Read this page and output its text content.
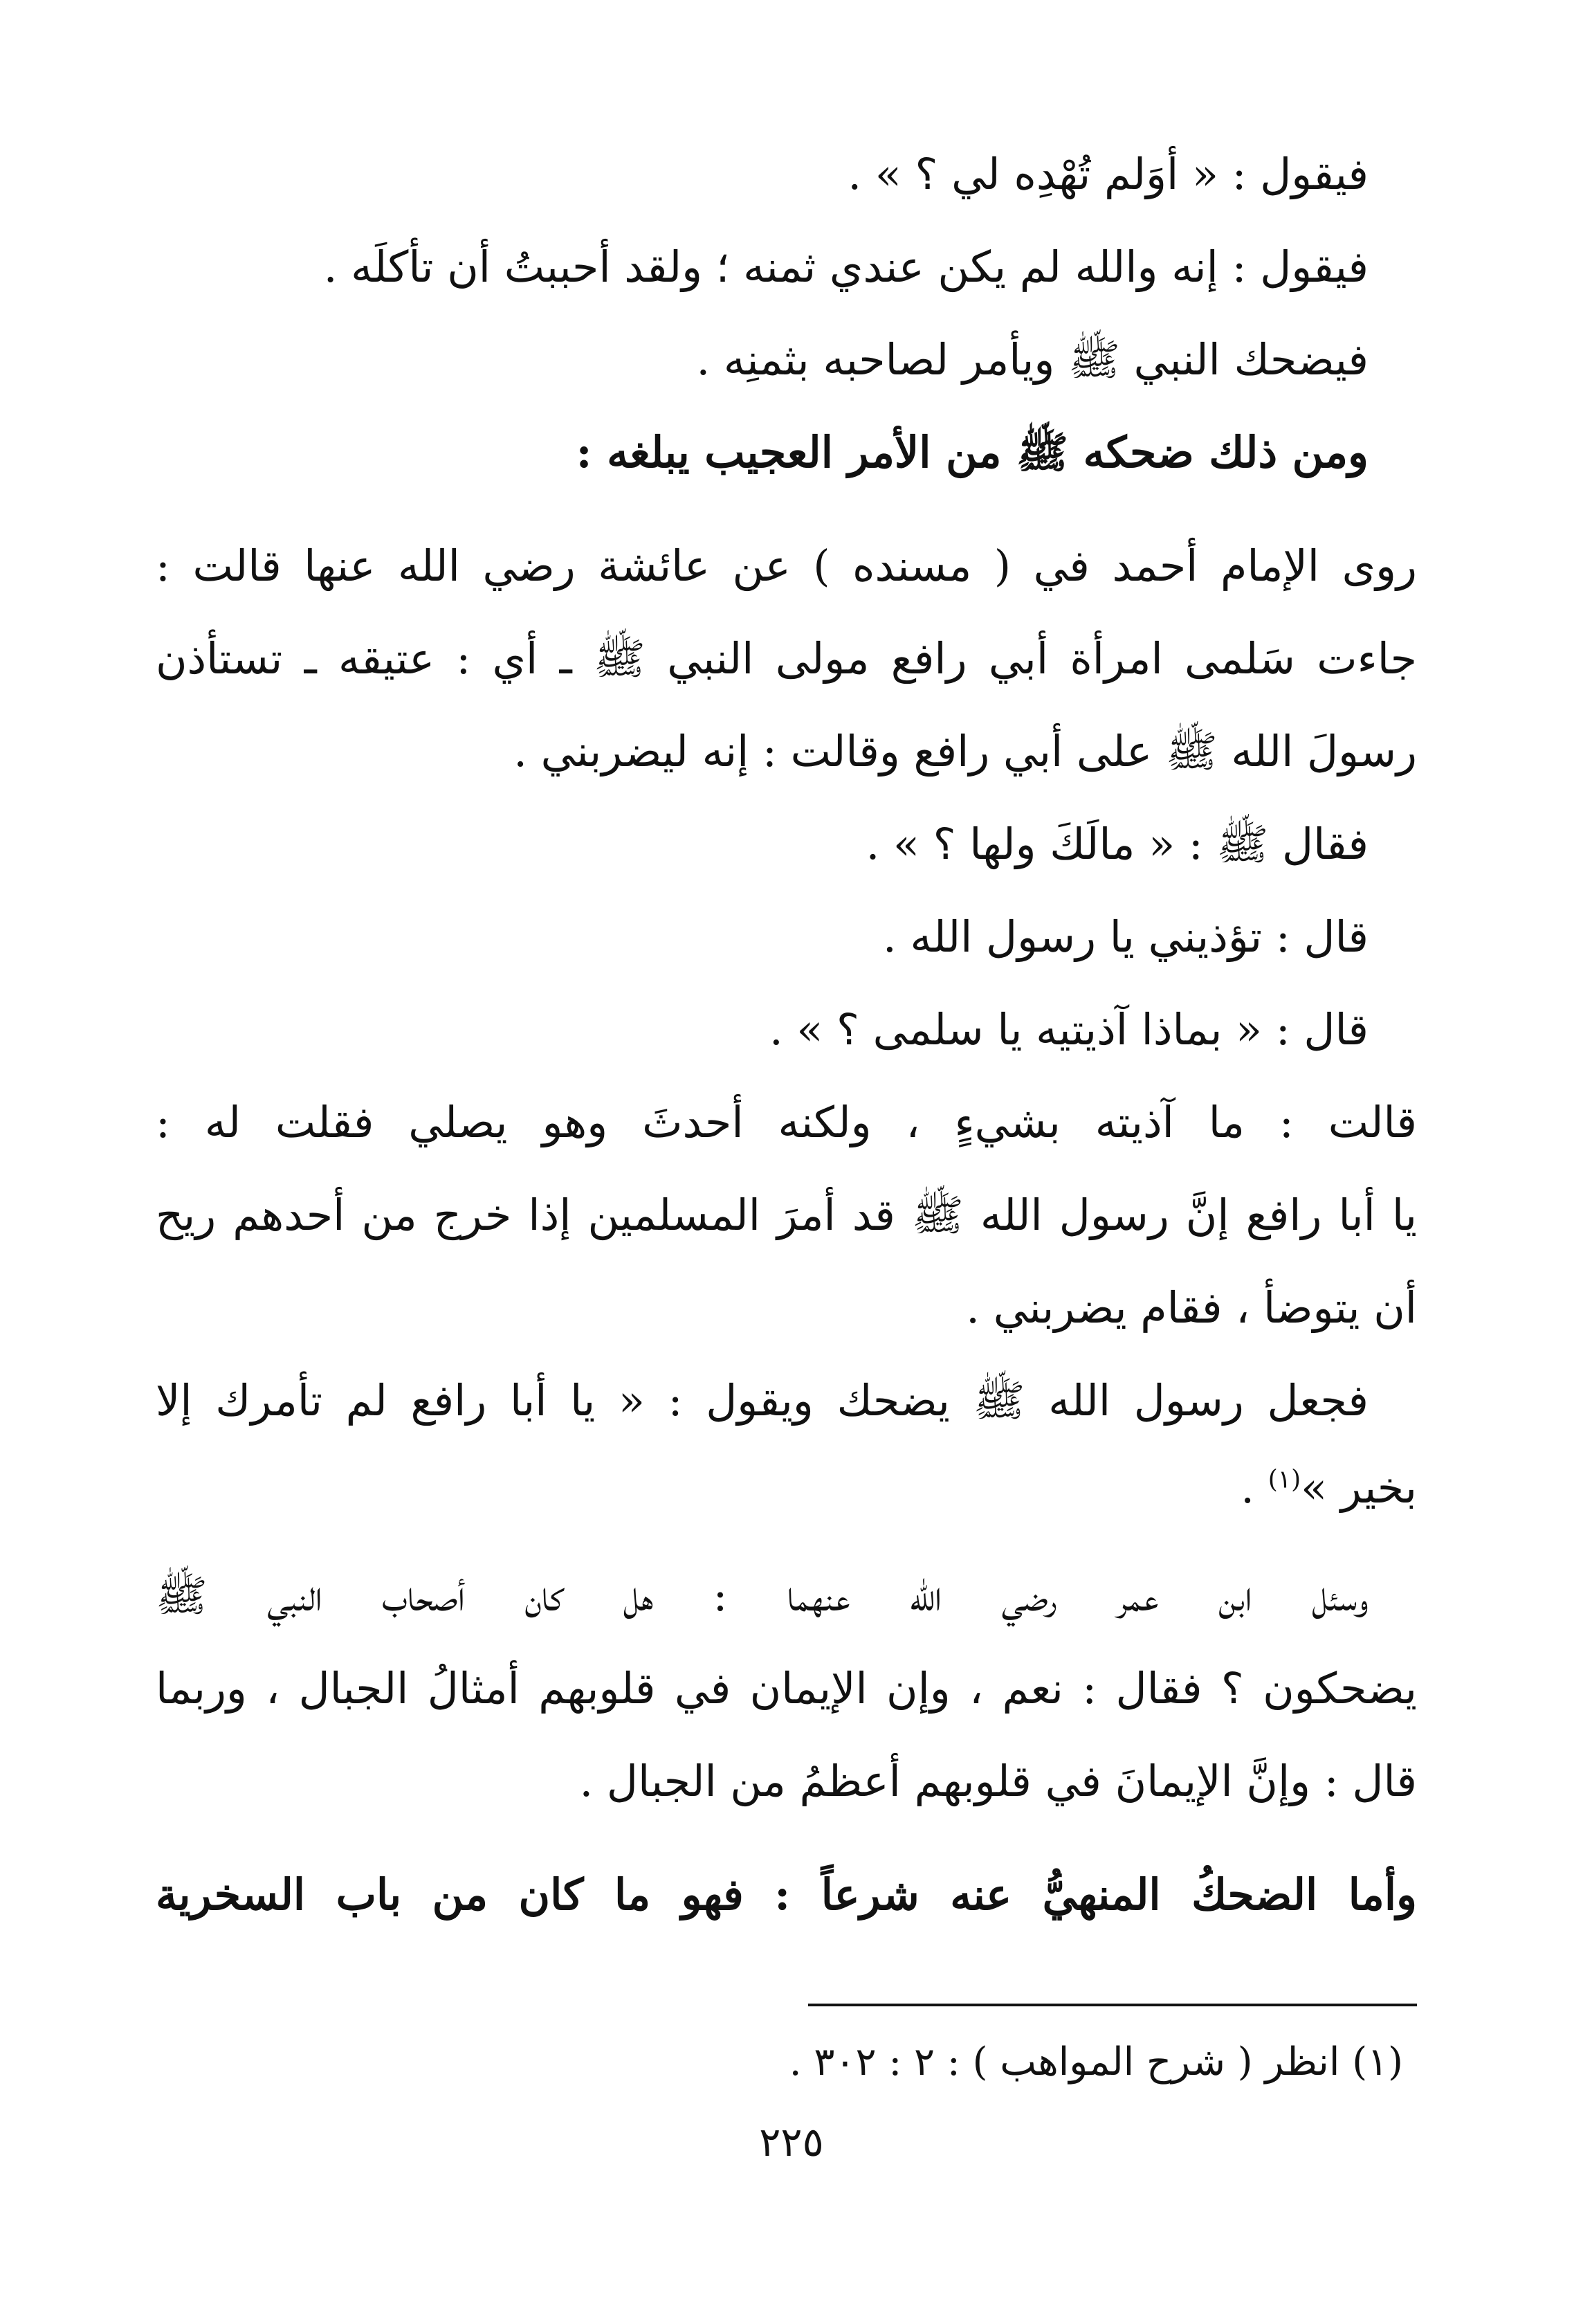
فيقول : « أوَلم تُهْدِه لي ؟ » .
فيقول : إنه والله لم يكن عندي ثمنه ؛ ولقد أحببتُ أن تأكلَه .
فيضحك النبي ﷺ ويأمر لصاحبه بثمنِه .
ومن ذلك ضحكه ﷺ من الأمر العجيب يبلغه :
روى الإمام أحمد في ( مسنده ) عن عائشة رضي الله عنها قالت :
جاءت سَلمى امرأة أبي رافع مولى النبي ﷺ ـ أي : عتيقه ـ تستأذن
رسولَ الله ﷺ على أبي رافع وقالت : إنه ليضربني .
فقال ﷺ : « مالَكَ ولها ؟ » .
قال : تؤذيني يا رسول الله .
قال : « بماذا آذيتيه يا سلمى ؟ » .
قالت : ما آذيته بشيءٍ ، ولكنه أحدثَ وهو يصلي فقلت له :
يا أبا رافع إنَّ رسول الله ﷺ قد أمرَ المسلمين إذا خرج من أحدهم ريح
أن يتوضأ ، فقام يضربني .
فجعل رسول الله ﷺ يضحك ويقول : « يا أبا رافع لم تأمرك إلا
بخير »$^{(١)}$ .
وسئل ابن عمر رضي الله عنهما : هل كان أصحاب النبي ﷺ
يضحكون ؟ فقال : نعم ، وإن الإيمان في قلوبهم أمثالُ الجبال ، وربما
قال : وإنَّ الإيمانَ في قلوبهم أعظمُ من الجبال .
وأما الضحكُ المنهيُّ عنه شرعاً : فهو ما كان من باب السخرية
(١) انظر ( شرح المواهب ) : ٢ : ٣٠٢ .
٢٢٥
